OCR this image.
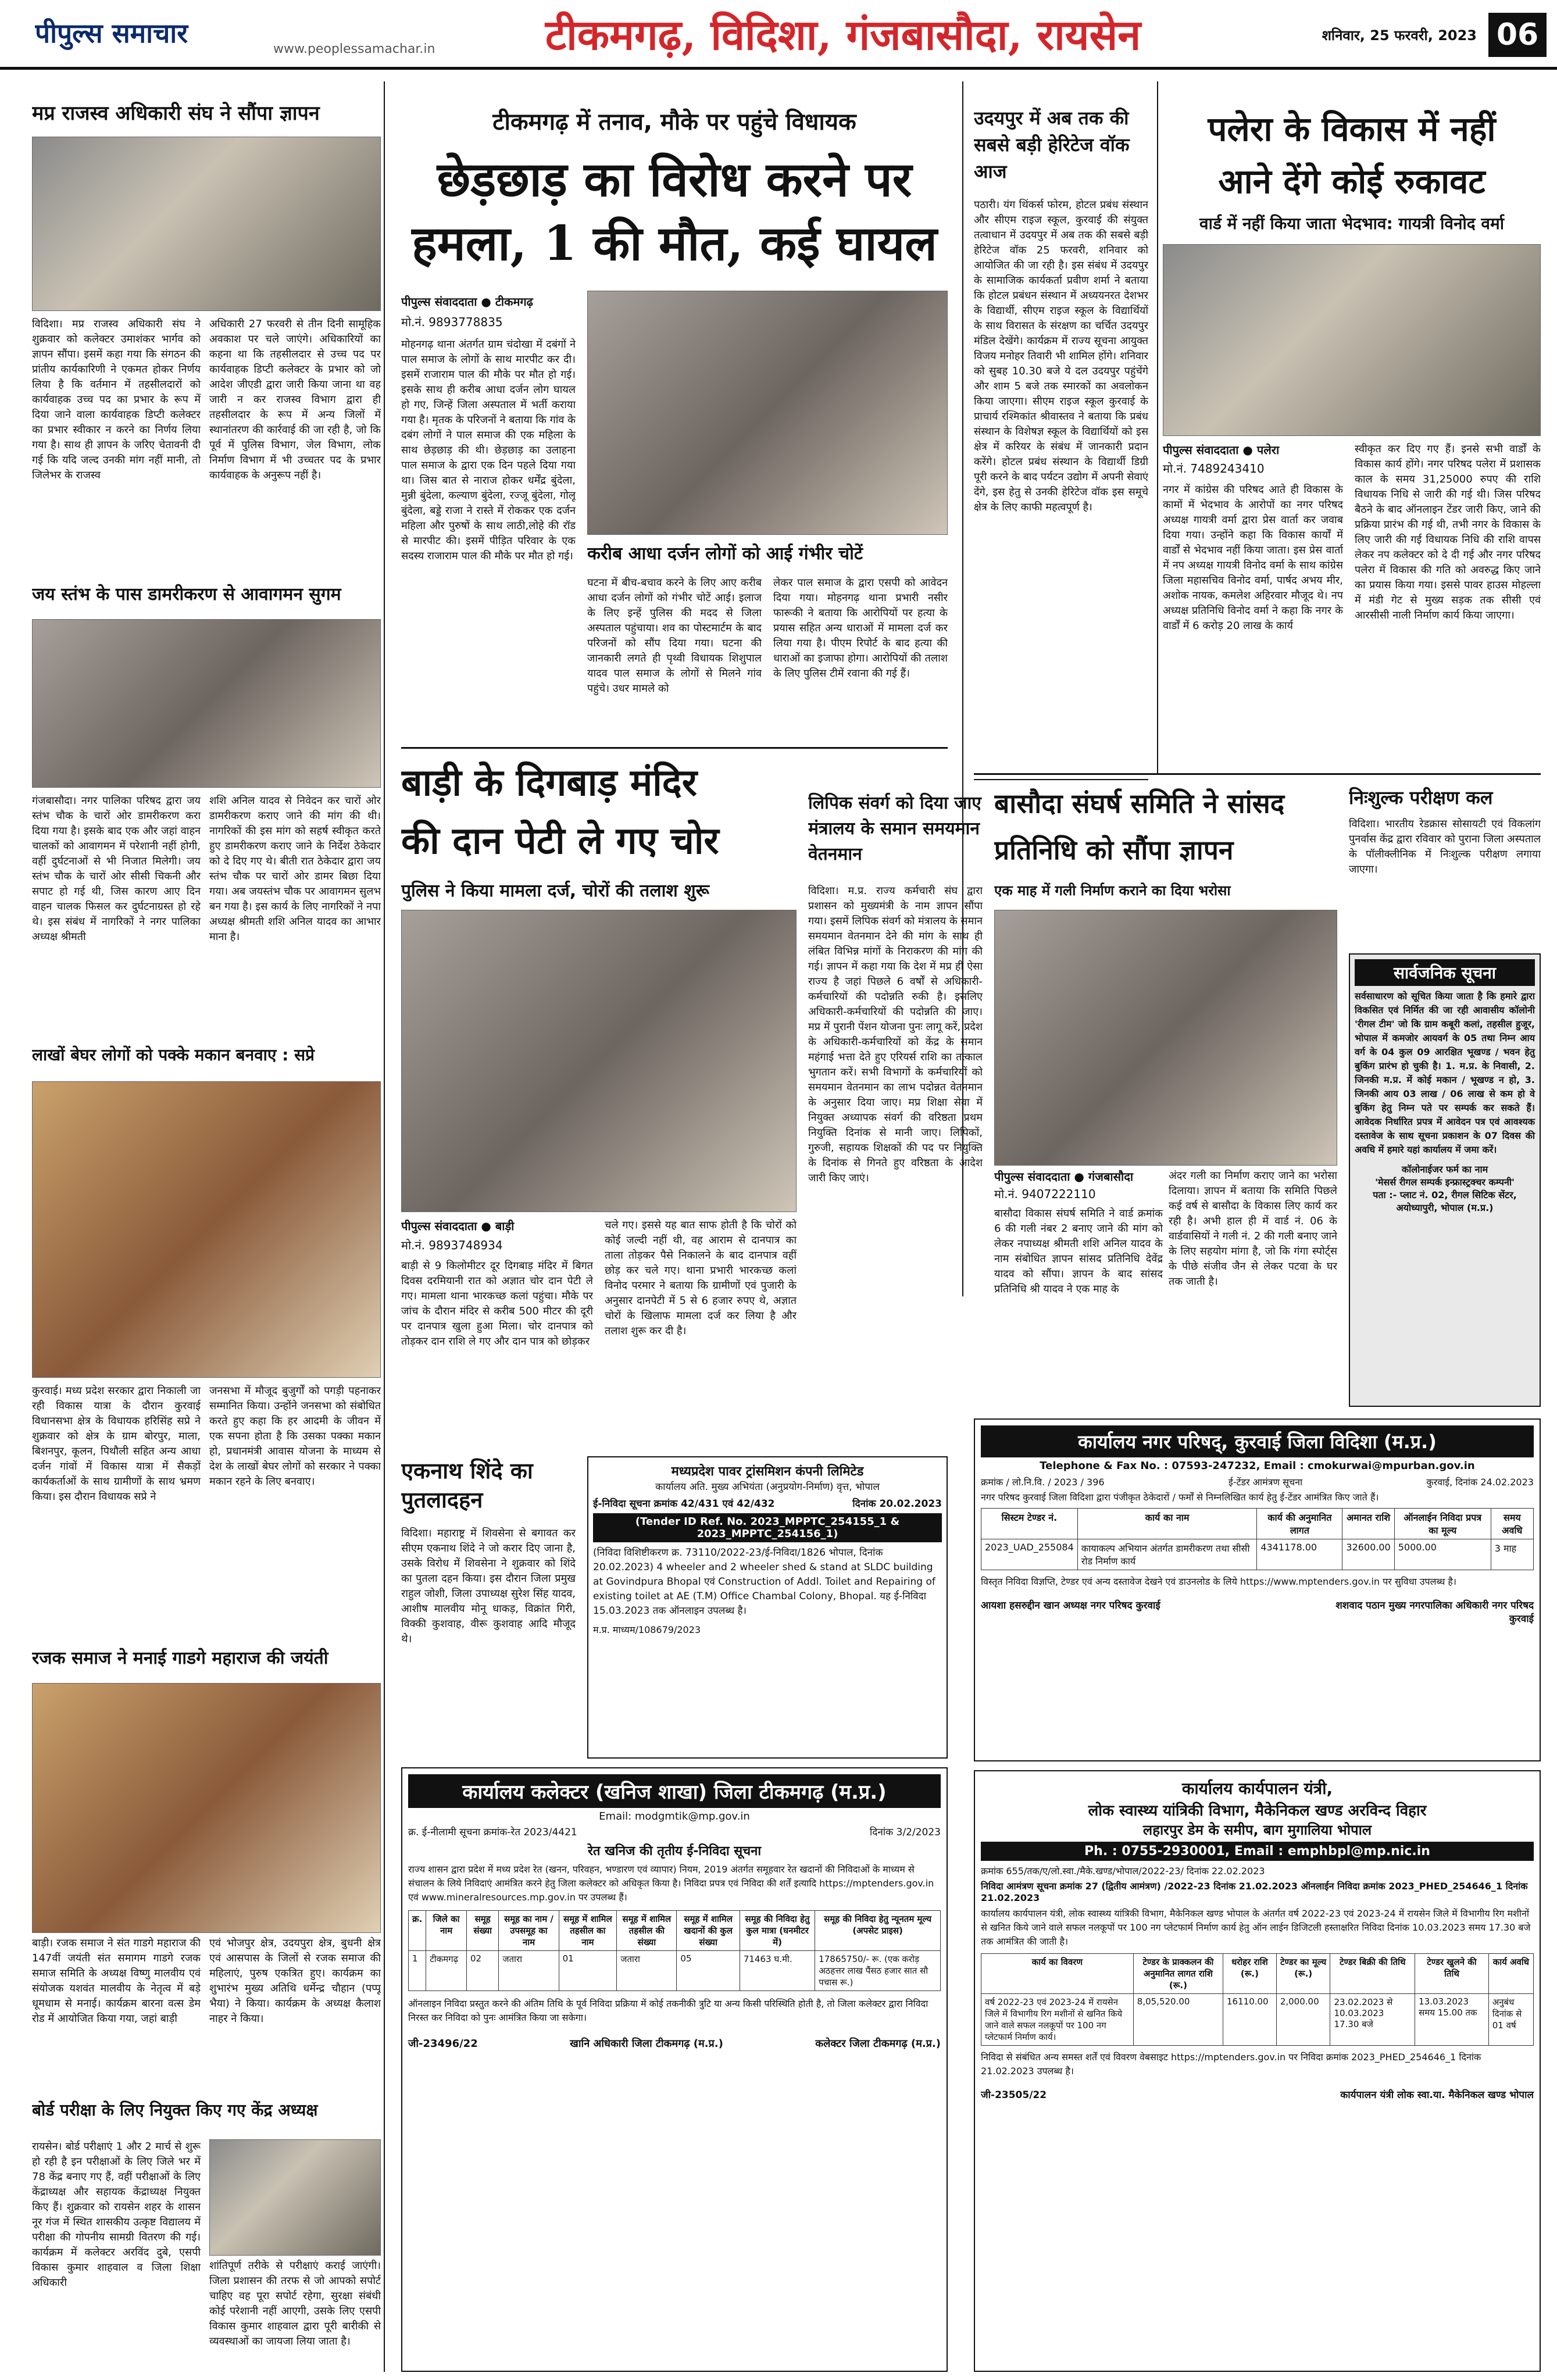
पीपुल्स समाचार
www.peoplessamachar.in	टीकमगढ़, विदिशा, गंजबासौदा, रायसेन	शनिवार, 25 फरवरी, 2023 06
मप्र राजस्व अधिकारी संघ ने सौंपा ज्ञापन
विदिशा। मप्र राजस्व अधिकारी संघ ने शुक्रवार को कलेक्टर उमाशंकर भार्गव को ज्ञापन सौंपा। इसमें कहा गया कि संगठन की प्रांतीय कार्यकारिणी ने एकमत होकर निर्णय लिया है कि वर्तमान में तहसीलदारों को कार्यवाहक उच्च पद का प्रभार के रूप में दिया जाने वाला कार्यवाहक डिप्टी कलेक्टर का प्रभार स्वीकार न करने का निर्णय लिया गया है। साथ ही ज्ञापन के जरिए चेतावनी दी गई कि यदि जल्द उनकी मांग नहीं मानी, तो जिलेभर के राजस्व
अधिकारी 27 फरवरी से तीन दिनी सामूहिक अवकाश पर चले जाएंगे। अधिकारियों का कहना था कि तहसीलदार से उच्च पद पर कार्यवाहक डिप्टी कलेक्टर के प्रभार को जो आदेश जीएडी द्वारा जारी किया जाना था वह जारी न कर राजस्व विभाग द्वारा ही तहसीलदार के रूप में अन्य जिलों में स्थानांतरण की कार्रवाई की जा रही है, जो कि पूर्व में पुलिस विभाग, जेल विभाग, लोक निर्माण विभाग में भी उच्चतर पद के प्रभार कार्यवाहक के अनुरूप नहीं है।
जय स्तंभ के पास डामरीकरण से आवागमन सुगम
गंजबासौदा। नगर पालिका परिषद द्वारा जय स्तंभ चौक के चारों ओर डामरीकरण करा दिया गया है। इसके बाद एक और जहां वाहन चालकों को आवागमन में परेशानी नहीं होगी, वहीं दुर्घटनाओं से भी निजात मिलेगी। जय स्तंभ चौक के चारों ओर सीसी चिकनी और सपाट हो गई थी, जिस कारण आए दिन वाहन चालक फिसल कर दुर्घटनाग्रस्त हो रहे थे। इस संबंध में नागरिकों ने नगर पालिका अध्यक्ष श्रीमती
शशि अनिल यादव से निवेदन कर चारों ओर डामरीकरण कराए जाने की मांग की थी। नागरिकों की इस मांग को सहर्ष स्वीकृत करते हुए डामरीकरण कराए जाने के निर्देश ठेकेदार को दे दिए गए थे। बीती रात ठेकेदार द्वारा जय स्तंभ चौक पर चारों ओर डामर बिछा दिया गया। अब जयस्तंभ चौक पर आवागमन सुलभ बन गया है। इस कार्य के लिए नागरिकों ने नपा अध्यक्ष श्रीमती शशि अनिल यादव का आभार माना है।
लाखों बेघर लोगों को पक्के मकान बनवाए : सप्रे
कुरवाई। मध्य प्रदेश सरकार द्वारा निकाली जा रही विकास यात्रा के दौरान कुरवाई विधानसभा क्षेत्र के विधायक हरिसिंह सप्रे ने शुक्रवार को क्षेत्र के ग्राम बोरपुर, माला, बिशनपुर, कूलन, पिथौली सहित अन्य आधा दर्जन गांवों में विकास यात्रा में सैकड़ों कार्यकर्ताओं के साथ ग्रामीणों के साथ भ्रमण किया। इस दौरान विधायक सप्रे ने
जनसभा में मौजूद बुजुर्गों को पगड़ी पहनाकर सम्मानित किया। उन्होंने जनसभा को संबोधित करते हुए कहा कि हर आदमी के जीवन में एक सपना होता है कि उसका पक्का मकान हो, प्रधानमंत्री आवास योजना के माध्यम से देश के लाखों बेघर लोगों को सरकार ने पक्का मकान रहने के लिए बनवाए।
रजक समाज ने मनाई गाडगे महाराज की जयंती
बाड़ी। रजक समाज ने संत गाडगे महाराज की 147वीं जयंती संत समागम गाडगे रजक समाज समिति के अध्यक्ष विष्णु मालवीय एवं संयोजक यशवंत मालवीय के नेतृत्व में बड़े धूमधाम से मनाई। कार्यक्रम बारना वत्स डेम रोड में आयोजित किया गया, जहां बाड़ी
एवं भोजपुर क्षेत्र, उदयपुरा क्षेत्र, बुधनी क्षेत्र एवं आसपास के जिलों से रजक समाज की महिलाएं, पुरुष एकत्रित हुए। कार्यक्रम का शुभारंभ मुख्य अतिथि धर्मेन्द्र चौहान (पप्पू भैया) ने किया। कार्यक्रम के अध्यक्ष कैलाश नाहर ने किया।
बोर्ड परीक्षा के लिए नियुक्त किए गए केंद्र अध्यक्ष
रायसेन। बोर्ड परीक्षाएं 1 और 2 मार्च से शुरू हो रही है इन परीक्षाओं के लिए जिले भर में 78 केंद्र बनाए गए हैं, वहीं परीक्षाओं के लिए केंद्राध्यक्ष और सहायक केंद्राध्यक्ष नियुक्त किए हैं। शुक्रवार को रायसेन शहर के शासन नूर गंज में स्थित शासकीय उत्कृष्ट विद्यालय में परीक्षा की गोपनीय सामग्री वितरण की गई। कार्यक्रम में कलेक्टर अरविंद दुबे, एसपी विकास कुमार शाहवाल व जिला शिक्षा अधिकारी
शांतिपूर्ण तरीके से परीक्षाएं कराई जाएंगी। जिला प्रशासन की तरफ से जो आपको सपोर्ट चाहिए वह पूरा सपोर्ट रहेगा, सुरक्षा संबंधी कोई परेशानी नहीं आएगी, उसके लिए एसपी विकास कुमार शाहवाल द्वारा पूरी बारीकी से व्यवस्थाओं का जायजा लिया जाता है।
टीकमगढ़ में तनाव, मौके पर पहुंचे विधायक
छेड़छाड़ का विरोध करने पर
हमला, 1 की मौत, कई घायल
पीपुल्स संवाददाता ● टीकमगढ़
मो.नं. 9893778835
मोहनगढ़ थाना अंतर्गत ग्राम चंदोखा में दबंगों ने पाल समाज के लोगों के साथ मारपीट कर दी। इसमें राजाराम पाल की मौके पर मौत हो गई। इसके साथ ही करीब आधा दर्जन लोग घायल हो गए, जिन्हें जिला अस्पताल में भर्ती कराया गया है। मृतक के परिजनों ने बताया कि गांव के दबंग लोगों ने पाल समाज की एक महिला के साथ छेड़छाड़ की थी। छेड़छाड़ का उलाहना पाल समाज के द्वारा एक दिन पहले दिया गया था। जिस बात से नाराज होकर धर्मेंद्र बुंदेला, मुन्नी बुंदेला, कल्याण बुंदेला, रज्जू बुंदेला, गोलू बुंदेला, बड्डे राजा ने रास्ते में रोककर एक दर्जन महिला और पुरुषों के साथ लाठी,लोहे की रॉड से मारपीट की। इसमें पीड़ित परिवार के एक सदस्य राजाराम पाल की मौके पर मौत हो गई। करीब आधा दर्जन लोगों को आई गंभीर चोटें
घटना में बीच-बचाव करने के लिए आए करीब आधा दर्जन लोगों को गंभीर चोटें आई। इलाज के लिए इन्हें पुलिस की मदद से जिला अस्पताल पहुंचाया। शव का पोस्टमार्टम के बाद परिजनों को सौंप दिया गया। घटना की जानकारी लगते ही पृथ्वी विधायक शिशुपाल यादव पाल समाज के लोगों से मिलने गांव पहुंचे। उधर मामले को
लेकर पाल समाज के द्वारा एसपी को आवेदन दिया गया। मोहनगढ़ थाना प्रभारी नसीर फारूकी ने बताया कि आरोपियों पर हत्या के प्रयास सहित अन्य धाराओं में मामला दर्ज कर लिया गया है। पीएम रिपोर्ट के बाद हत्या की धाराओं का इजाफा होगा। आरोपियों की तलाश के लिए पुलिस टीमें रवाना की गई हैं।
बाड़ी के दिगबाड़ मंदिर
की दान पेटी ले गए चोर
पुलिस ने किया मामला दर्ज, चोरों की तलाश शुरू
पीपुल्स संवाददाता ● बाड़ी
मो.नं. 9893748934
बाड़ी से 9 किलोमीटर दूर दिगबाड़ मंदिर में बिगत दिवस दरमियानी रात को अज्ञात चोर दान पेटी ले गए। मामला थाना भारकच्छ कलां पहुंचा। मौके पर जांच के दौरान मंदिर से करीब 500 मीटर की दूरी पर दानपात्र खुला हुआ मिला। चोर दानपात्र को तोड़कर दान राशि ले गए और दान पात्र को छोड़कर
चले गए। इससे यह बात साफ होती है कि चोरों को कोई जल्दी नहीं थी, वह आराम से दानपात्र का ताला तोड़कर पैसे निकालने के बाद दानपात्र वहीं छोड़ कर चले गए। थाना प्रभारी भारकच्छ कलां विनोद परमार ने बताया कि ग्रामीणों एवं पुजारी के अनुसार दानपेटी में 5 से 6 हजार रुपए थे, अज्ञात चोरों के खिलाफ मामला दर्ज कर लिया है और तलाश शुरू कर दी है।
एकनाथ शिंदे का पुतलादहन
विदिशा। महाराष्ट्र में शिवसेना से बगावत कर सीएम एकनाथ शिंदे ने जो करार दिए जाना है, उसके विरोध में शिवसेना ने शुक्रवार को शिंदे का पुतला दहन किया। इस दौरान जिला प्रमुख राहुल जोशी, जिला उपाध्यक्ष सुरेश सिंह यादव, आशीष मालवीय मोनू धाकड़, विक्रांत गिरी, विक्की कुशवाह, वीरू कुशवाह आदि मौजूद थे।
मध्यप्रदेश पावर ट्रांसमिशन कंपनी लिमिटेड
कार्यालय अति. मुख्य अभियंता (अनुप्रयोग-निर्माण) वृत्त, भोपाल
ई-निविदा सूचना क्रमांक 42/431 एवं 42/432	दिनांक 20.02.2023
(Tender ID Ref. No. 2023_MPPTC_254155_1 & 2023_MPPTC_254156_1)
(निविदा विशिष्टीकरण क्र. 73110/2022-23/ई-निविदा/1826 भोपाल, दिनांक 20.02.2023) 4 wheeler and 2 wheeler shed & stand at SLDC building at Govindpura Bhopal एवं Construction of Addl. Toilet and Repairing of existing toilet at AE (T.M) Office Chambal Colony, Bhopal. यह ई-निविदा 15.03.2023 तक ऑनलाइन उपलब्ध है।
म.प्र. माध्यम/108679/2023
कार्यालय कलेक्टर (खनिज शाखा) जिला टीकमगढ़ (म.प्र.)
Email: modgmtik@mp.gov.in
क्र. ई-नीलामी सूचना क्रमांक-रेत 2023/4421	दिनांक 3/2/2023
रेत खनिज की तृतीय ई-निविदा सूचना
राज्य शासन द्वारा प्रदेश में मध्य प्रदेश रेत (खनन, परिवहन, भण्डारण एवं व्यापार) नियम, 2019 अंतर्गत समूहवार रेत खदानों की निविदाओं के माध्यम से संचालन के लिये निविदाएं आमंत्रित करने हेतु जिला कलेक्टर को अधिकृत किया है। निविदा प्रपत्र एवं निविदा की शर्तें इत्यादि https://mptenders.gov.in एवं www.mineralresources.mp.gov.in पर उपलब्ध हैं।
क्र.	जिले का नाम	समूह संख्या	समूह का नाम / उपसमूह का नाम	समूह में शामिल तहसील का नाम	समूह में शामिल तहसील की संख्या	समूह में शामिल खदानों की कुल संख्या	समूह की निविदा हेतु कुल मात्रा (घनमीटर में)	समूह की निविदा हेतु न्यूनतम मूल्य (अपसेट प्राइस)
1	टीकमगढ़	02	जतारा	01	जतारा	05	71463 घ.मी.	17865750/- रू. (एक करोड़ अठहत्तर लाख पैंसठ हजार सात सौ पचास रू.)
ऑनलाइन निविदा प्रस्तुत करने की अंतिम तिथि के पूर्व निविदा प्रक्रिया में कोई तकनीकी त्रुटि या अन्य किसी परिस्थिति होती है, तो जिला कलेक्टर द्वारा निविदा निरस्त कर निविदा को पुनः आमंत्रित किया जा सकेगा।
जी-23496/22	खानि अधिकारी जिला टीकमगढ़ (म.प्र.)	कलेक्टर जिला टीकमगढ़ (म.प्र.)
उदयपुर में अब तक की सबसे बड़ी हेरिटेज वॉक आज
पठारी। यंग थिंकर्स फोरम, होटल प्रबंध संस्थान और सीएम राइज स्कूल, कुरवाई की संयुक्त तत्वाधान में उदयपुर में अब तक की सबसे बड़ी हेरिटेज वॉक 25 फरवरी, शनिवार को आयोजित की जा रही है। इस संबंध में उदयपुर के सामाजिक कार्यकर्ता प्रवीण शर्मा ने बताया कि होटल प्रबंधन संस्थान में अध्ययनरत देशभर के विद्यार्थी, सीएम राइज स्कूल के विद्यार्थियों के साथ विरासत के संरक्षण का चर्चित उदयपुर मंडिल देखेंगे। कार्यक्रम में राज्य सूचना आयुक्त विजय मनोहर तिवारी भी शामिल होंगे। शनिवार को सुबह 10.30 बजे ये दल उदयपुर पहुंचेंगे और शाम 5 बजे तक स्मारकों का अवलोकन किया जाएगा। सीएम राइज स्कूल कुरवाई के प्राचार्य रश्मिकांत श्रीवास्तव ने बताया कि प्रबंध संस्थान के विशेषज्ञ स्कूल के विद्यार्थियों को इस क्षेत्र में करियर के संबंध में जानकारी प्रदान करेंगे। होटल प्रबंध संस्थान के विद्यार्थी डिग्री पूरी करने के बाद पर्यटन उद्योग में अपनी सेवाएं देंगे, इस हेतु से उनकी हेरिटेज वॉक इस समूचे क्षेत्र के लिए काफी महत्वपूर्ण है।
लिपिक संवर्ग को दिया जाए मंत्रालय के समान समयमान वेतनमान
विदिशा। म.प्र. राज्य कर्मचारी संघ द्वारा प्रशासन को मुख्यमंत्री के नाम ज्ञापन सौंपा गया। इसमें लिपिक संवर्ग को मंत्रालय के समान समयमान वेतनमान देने की मांग के साथ ही लंबित विभिन्न मांगों के निराकरण की मांग की गई। ज्ञापन में कहा गया कि देश में मप्र ही ऐसा राज्य है जहां पिछले 6 वर्षों से अधिकारी-कर्मचारियों की पदोन्नति रुकी है। इसलिए अधिकारी-कर्मचारियों की पदोन्नति की जाए। मप्र में पुरानी पेंशन योजना पुनः लागू करें, प्रदेश के अधिकारी-कर्मचारियों को केंद्र के समान महंगाई भत्ता देते हुए एरियर्स राशि का तत्काल भुगतान करें। सभी विभागों के कर्मचारियों को समयमान वेतनमान का लाभ पदोन्नत वेतनमान के अनुसार दिया जाए। मप्र शिक्षा सेवा में नियुक्त अध्यापक संवर्ग की वरिष्ठता प्रथम नियुक्ति दिनांक से मानी जाए। लिपिकों, गुरुजी, सहायक शिक्षकों की पद पर नियुक्ति के दिनांक से गिनते हुए वरिष्ठता के आदेश जारी किए जाएं।
पलेरा के विकास में नहीं
आने देंगे कोई रुकावट
वार्ड में नहीं किया जाता भेदभाव: गायत्री विनोद वर्मा
पीपुल्स संवाददाता ● पलेरा
मो.नं. 7489243410
नगर में कांग्रेस की परिषद आते ही विकास के कामों में भेदभाव के आरोपों का नगर परिषद अध्यक्ष गायत्री वर्मा द्वारा प्रेस वार्ता कर जवाब दिया गया। उन्होंने कहा कि विकास कार्यों में वार्डों से भेदभाव नहीं किया जाता। इस प्रेस वार्ता में नप अध्यक्ष गायत्री विनोद वर्मा के साथ कांग्रेस जिला महासचिव विनोद वर्मा, पार्षद अभय मीर, अशोक नायक, कमलेश अहिरवार मौजूद थे। नप अध्यक्ष प्रतिनिधि विनोद वर्मा ने कहा कि नगर के वार्डों में 6 करोड़ 20 लाख के कार्य
स्वीकृत कर दिए गए हैं। इनसे सभी वार्डों के विकास कार्य होंगे। नगर परिषद पलेरा में प्रशासक काल के समय 31,25000 रुपए की राशि विधायक निधि से जारी की गई थी। जिस परिषद बैठने के बाद ऑनलाइन टेंडर जारी किए, जाने की प्रक्रिया प्रारंभ की गई थी, तभी नगर के विकास के लिए जारी की गई विधायक निधि की राशि वापस लेकर नप कलेक्टर को दे दी गई और नगर परिषद पलेरा में विकास की गति को अवरुद्ध किए जाने का प्रयास किया गया। इससे पावर हाउस मोहल्ला में मंडी गेट से मुख्य सड़क तक सीसी एवं आरसीसी नाली निर्माण कार्य किया जाएगा।
बासौदा संघर्ष समिति ने सांसद
प्रतिनिधि को सौंपा ज्ञापन
एक माह में गली निर्माण कराने का दिया भरोसा
पीपुल्स संवाददाता ● गंजबासौदा
मो.नं. 9407222110
बासौदा विकास संघर्ष समिति ने वार्ड क्रमांक 6 की गली नंबर 2 बनाए जाने की मांग को लेकर नपाध्यक्ष श्रीमती शशि अनिल यादव के नाम संबोधित ज्ञापन सांसद प्रतिनिधि देवेंद्र यादव को सौंपा। ज्ञापन के बाद सांसद प्रतिनिधि श्री यादव ने एक माह के
अंदर गली का निर्माण कराए जाने का भरोसा दिलाया। ज्ञापन में बताया कि समिति पिछले कई वर्ष से बासौदा के विकास लिए कार्य कर रही है। अभी हाल ही में वार्ड नं. 06 के वार्डवासियों ने गली नं. 2 की गली बनाए जाने के लिए सहयोग मांगा है, जो कि गंगा स्पोर्ट्स के पीछे संजीव जैन से लेकर पटवा के घर तक जाती है।
निःशुल्क परीक्षण कल
विदिशा। भारतीय रेडक्रास सोसायटी एवं विकलांग पुनर्वास केंद्र द्वारा रविवार को पुराना जिला अस्पताल के पॉलीक्लीनिक में निःशुल्क परीक्षण लगाया जाएगा।
सार्वजनिक सूचना
सर्वसाधारण को सूचित किया जाता है कि हमारे द्वारा विकसित एवं निर्मित की जा रही आवासीय कॉलोनी 'रीगल टीम' जो कि ग्राम कबूरी कलां, तहसील हुजूर, भोपाल में कमजोर आयवर्ग के 05 तथा निम्न आय वर्ग के 04 कुल 09 आरक्षित भूखण्ड / भवन हेतु बुकिंग प्रारंभ हो चुकी है। 1. म.प्र. के निवासी, 2. जिनकी म.प्र. में कोई मकान / भूखण्ड न हो, 3. जिनकी आय 03 लाख / 06 लाख से कम हो वे बुकिंग हेतु निम्न पते पर सम्पर्क कर सकते हैं। आवेदक निर्धारित प्रपत्र में आवेदन पत्र एवं आवश्यक दस्तावेज के साथ सूचना प्रकाशन के 07 दिवस की अवधि में हमारे यहां कार्यालय में जमा करें।
कॉलोनाईजर फर्म का नाम
'मेसर्स रीगल सम्पर्क इन्फ्रास्ट्रक्चर कम्पनी'
पता :- प्लाट नं. 02, रीगल सिटिक सेंटर, अयोध्यापुरी, भोपाल (म.प्र.)
कार्यालय नगर परिषद्, कुरवाई जिला विदिशा (म.प्र.)
Telephone & Fax No. : 07593-247232, Email : cmokurwai@mpurban.gov.in
क्रमांक / लो.नि.वि. / 2023 / 396	ई-टेंडर आमंत्रण सूचना	कुरवाई, दिनांक 24.02.2023
नगर परिषद कुरवाई जिला विदिशा द्वारा पंजीकृत ठेकेदारों / फर्मों से निम्नलिखित कार्य हेतु ई-टेंडर आमंत्रित किए जाते हैं।
सिस्टम टेण्डर नं.	कार्य का नाम	कार्य की अनुमानित लागत	अमानत राशि	ऑनलाईन निविदा प्रपत्र का मूल्य	समय अवधि
2023_UAD_255084	कायाकल्प अभियान अंतर्गत डामरीकरण तथा सीसी रोड निर्माण कार्य	4341178.00	32600.00	5000.00	3 माह
विस्तृत निविदा विज्ञप्ति, टेण्डर एवं अन्य दस्तावेज देखने एवं डाउनलोड के लिये https://www.mptenders.gov.in पर सुविधा उपलब्ध है।
आयशा हसरुद्दीन खान अध्यक्ष नगर परिषद कुरवाई	शशवाद पठान मुख्य नगरपालिका अधिकारी नगर परिषद कुरवाई
कार्यालय कार्यपालन यंत्री,
लोक स्वास्थ्य यांत्रिकी विभाग, मैकेनिकल खण्ड अरविन्द विहार
लहारपुर डेम के समीप, बाग मुगालिया भोपाल
Ph. : 0755-2930001, Email : emphbpl@mp.nic.in
क्रमांक 655/तक/ए/लो.स्वा./मैके.खण्ड/भोपाल/2022-23/ दिनांक 22.02.2023
निविदा आमंत्रण सूचना क्रमांक 27 (द्वितीय आमंत्रण) /2022-23 दिनांक 21.02.2023 ऑनलाईन निविदा क्रमांक 2023_PHED_254646_1 दिनांक 21.02.2023
कार्यालय कार्यपालन यंत्री, लोक स्वास्थ्य यांत्रिकी विभाग, मैकेनिकल खण्ड भोपाल के अंतर्गत वर्ष 2022-23 एवं 2023-24 में रायसेन जिले में विभागीय रिग मशीनों से खनित किये जाने वाले सफल नलकूपों पर 100 नग प्लेटफार्म निर्माण कार्य हेतु ऑन लाईन डिजिटली हस्ताक्षरित निविदा दिनांक 10.03.2023 समय 17.30 बजे तक आमंत्रित की जाती है।
कार्य का विवरण	टेण्डर के प्राक्कलन की अनुमानित लागत राशि (रू.)	धरोहर राशि (रू.)	टेण्डर का मूल्य (रू.)	टेण्डर बिक्री की तिथि	टेण्डर खुलने की तिथि	कार्य अवधि
वर्ष 2022-23 एवं 2023-24 में रायसेन जिले में विभागीय रिग मशीनों से खनित किये जाने वाले सफल नलकूपों पर 100 नग प्लेटफार्म निर्माण कार्य।	8,05,520.00	16110.00	2,000.00	23.02.2023 से 10.03.2023 17.30 बजे	13.03.2023 समय 15.00 तक	अनुबंध दिनांक से 01 वर्ष
निविदा से संबंधित अन्य समस्त शर्तें एवं विवरण वेबसाइट https://mptenders.gov.in पर निविदा क्रमांक 2023_PHED_254646_1 दिनांक 21.02.2023 उपलब्ध है।
जी-23505/22	कार्यपालन यंत्री लोक स्वा.या. मैकेनिकल खण्ड भोपाल
